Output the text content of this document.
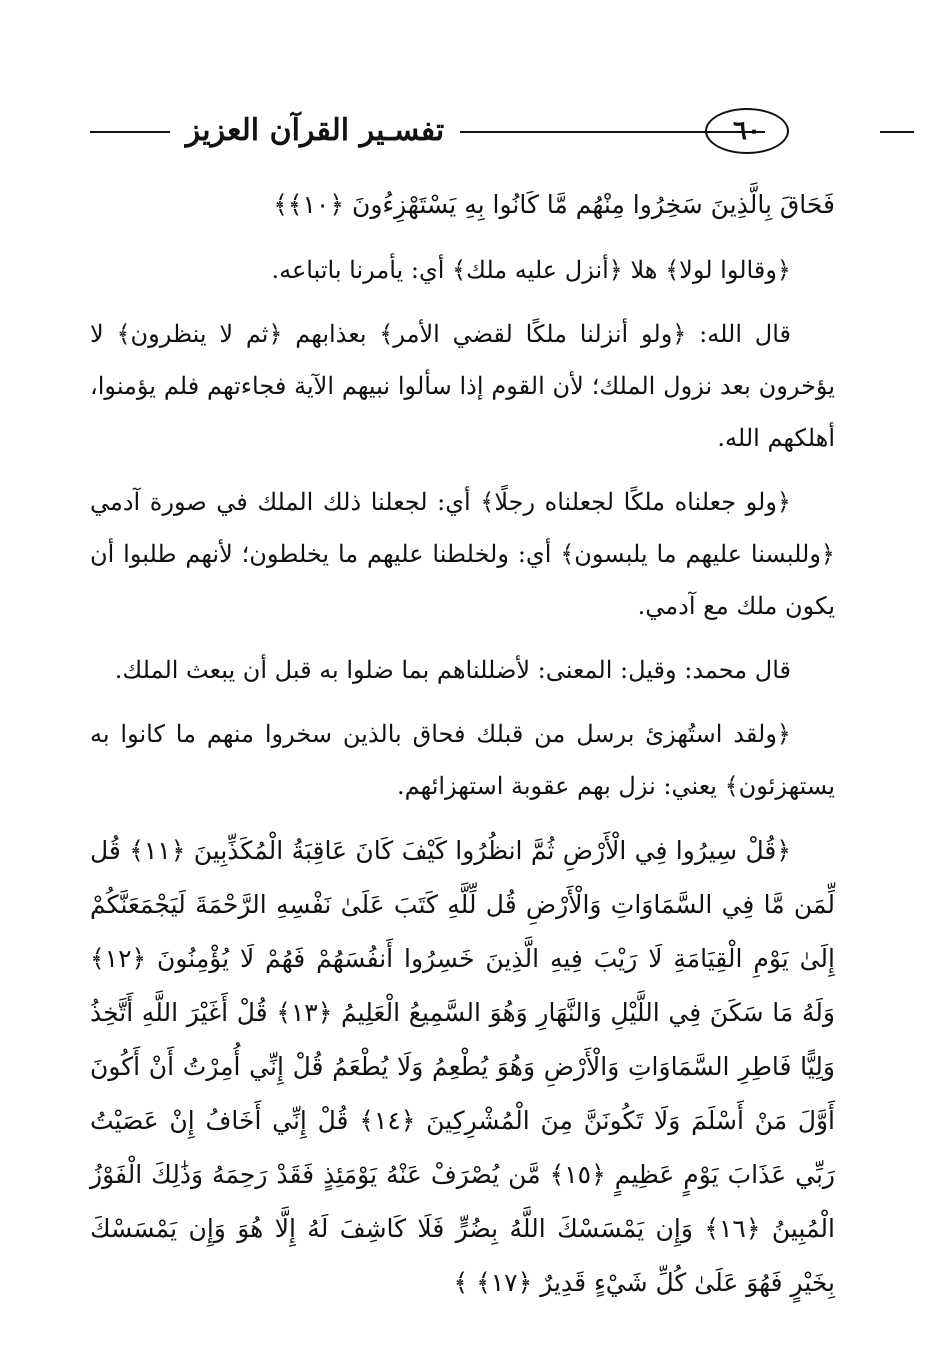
تفسـير القرآن العزيز	٦٠

فَحَاقَ بِالَّذِينَ سَخِرُوا مِنْهُم مَّا كَانُوا بِهِ يَسْتَهْزِءُونَ ﴿١٠﴾﴾

﴿وقالوا لولا﴾ هلا ﴿أنزل عليه ملك﴾ أي: يأمرنا باتباعه.

قال الله: ﴿ولو أنزلنا ملكًا لقضي الأمر﴾ بعذابهم ﴿ثم لا ينظرون﴾ لا يؤخرون بعد نزول الملك؛ لأن القوم إذا سألوا نبيهم الآية فجاءتهم فلم يؤمنوا، أهلكهم الله.

﴿ولو جعلناه ملكًا لجعلناه رجلًا﴾ أي: لجعلنا ذلك الملك في صورة آدمي ﴿وللبسنا عليهم ما يلبسون﴾ أي: ولخلطنا عليهم ما يخلطون؛ لأنهم طلبوا أن يكون ملك مع آدمي.

قال محمد: وقيل: المعنى: لأضللناهم بما ضلوا به قبل أن يبعث الملك.

﴿ولقد استُهزئ برسل من قبلك فحاق بالذين سخروا منهم ما كانوا به يستهزئون﴾ يعني: نزل بهم عقوبة استهزائهم.

﴿قُلْ سِيرُوا فِي الْأَرْضِ ثُمَّ انظُرُوا كَيْفَ كَانَ عَاقِبَةُ الْمُكَذِّبِينَ ﴿١١﴾ قُل لِّمَن مَّا فِي السَّمَاوَاتِ وَالْأَرْضِ قُل لِّلَّهِ كَتَبَ عَلَىٰ نَفْسِهِ الرَّحْمَةَ لَيَجْمَعَنَّكُمْ إِلَىٰ يَوْمِ الْقِيَامَةِ لَا رَيْبَ فِيهِ الَّذِينَ خَسِرُوا أَنفُسَهُمْ فَهُمْ لَا يُؤْمِنُونَ ﴿١٢﴾ وَلَهُ مَا سَكَنَ فِي اللَّيْلِ وَالنَّهَارِ وَهُوَ السَّمِيعُ الْعَلِيمُ ﴿١٣﴾ قُلْ أَغَيْرَ اللَّهِ أَتَّخِذُ وَلِيًّا فَاطِرِ السَّمَاوَاتِ وَالْأَرْضِ وَهُوَ يُطْعِمُ وَلَا يُطْعَمُ قُلْ إِنِّي أُمِرْتُ أَنْ أَكُونَ أَوَّلَ مَنْ أَسْلَمَ وَلَا تَكُونَنَّ مِنَ الْمُشْرِكِينَ ﴿١٤﴾ قُلْ إِنِّي أَخَافُ إِنْ عَصَيْتُ رَبِّي عَذَابَ يَوْمٍ عَظِيمٍ ﴿١٥﴾ مَّن يُصْرَفْ عَنْهُ يَوْمَئِذٍ فَقَدْ رَحِمَهُ وَذَٰلِكَ الْفَوْزُ الْمُبِينُ ﴿١٦﴾ وَإِن يَمْسَسْكَ اللَّهُ بِضُرٍّ فَلَا كَاشِفَ لَهُ إِلَّا هُوَ وَإِن يَمْسَسْكَ بِخَيْرٍ فَهُوَ عَلَىٰ كُلِّ شَيْءٍ قَدِيرٌ ﴿١٧﴾ ﴾
